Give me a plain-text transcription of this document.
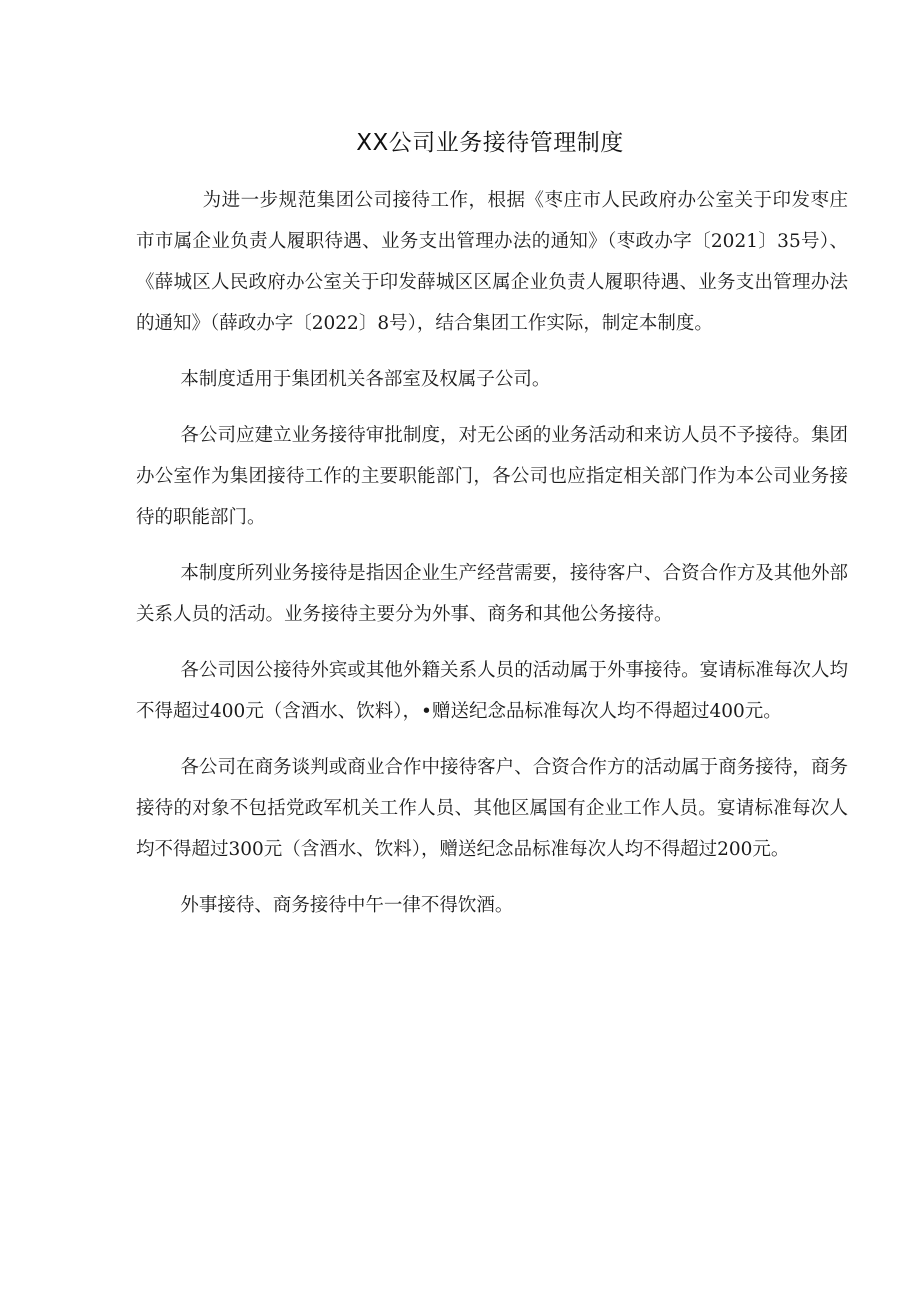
XX公司业务接待管理制度

为进一步规范集团公司接待工作，根据《枣庄市人民政府办公室关于印发枣庄市市属企业负责人履职待遇、业务支出管理办法的通知》（枣政办字〔2021〕35号）、《薛城区人民政府办公室关于印发薛城区区属企业负责人履职待遇、业务支出管理办法的通知》（薛政办字〔2022〕8号），结合集团工作实际，制定本制度。

本制度适用于集团机关各部室及权属子公司。

各公司应建立业务接待审批制度，对无公函的业务活动和来访人员不予接待。集团办公室作为集团接待工作的主要职能部门，各公司也应指定相关部门作为本公司业务接待的职能部门。

本制度所列业务接待是指因企业生产经营需要，接待客户、合资合作方及其他外部关系人员的活动。业务接待主要分为外事、商务和其他公务接待。

各公司因公接待外宾或其他外籍关系人员的活动属于外事接待。宴请标准每次人均不得超过400元（含酒水、饮料），•赠送纪念品标准每次人均不得超过400元。

各公司在商务谈判或商业合作中接待客户、合资合作方的活动属于商务接待，商务接待的对象不包括党政军机关工作人员、其他区属国有企业工作人员。宴请标准每次人均不得超过300元（含酒水、饮料），赠送纪念品标准每次人均不得超过200元。

外事接待、商务接待中午一律不得饮酒。
